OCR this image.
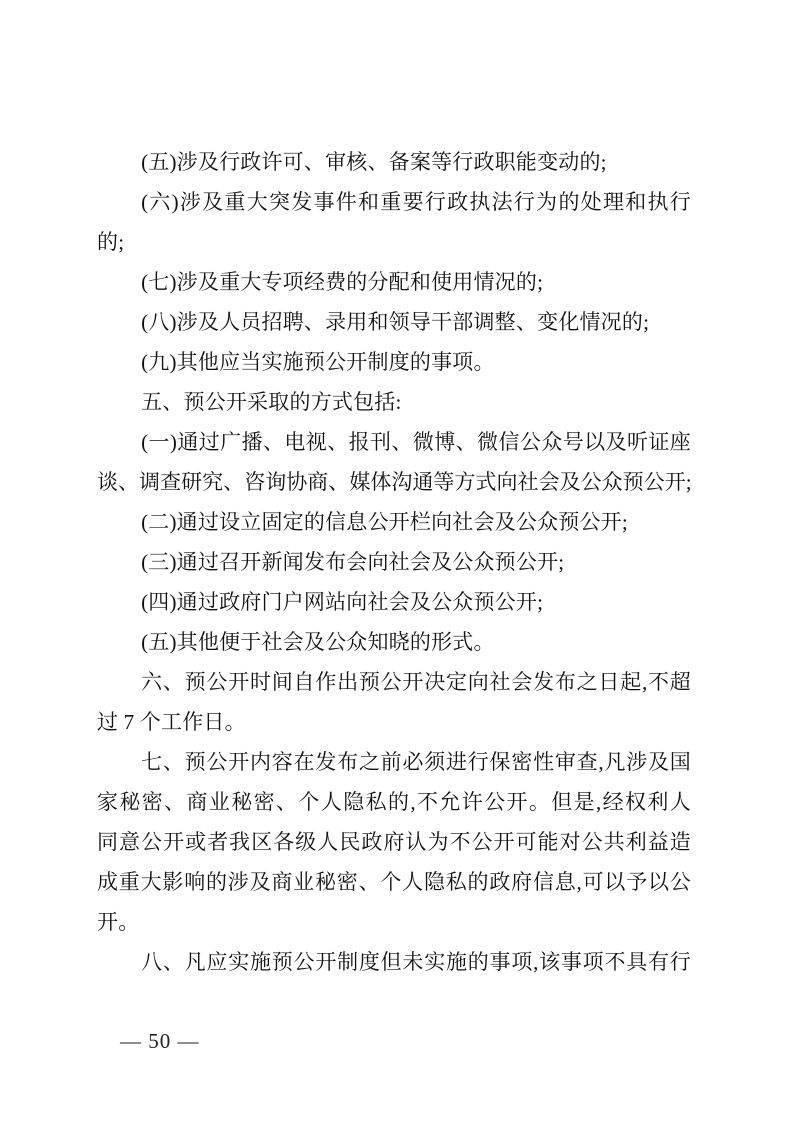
(五)涉及行政许可、审核、备案等行政职能变动的;
(六)涉及重大突发事件和重要行政执法行为的处理和执行
的;
(七)涉及重大专项经费的分配和使用情况的;
(八)涉及人员招聘、录用和领导干部调整、变化情况的;
(九)其他应当实施预公开制度的事项。
五、预公开采取的方式包括:
(一)通过广播、电视、报刊、微博、微信公众号以及听证座
谈、调查研究、咨询协商、媒体沟通等方式向社会及公众预公开;
(二)通过设立固定的信息公开栏向社会及公众预公开;
(三)通过召开新闻发布会向社会及公众预公开;
(四)通过政府门户网站向社会及公众预公开;
(五)其他便于社会及公众知晓的形式。
六、预公开时间自作出预公开决定向社会发布之日起,不超
过 7 个工作日。
七、预公开内容在发布之前必须进行保密性审查,凡涉及国
家秘密、商业秘密、个人隐私的,不允许公开。但是,经权利人
同意公开或者我区各级人民政府认为不公开可能对公共利益造
成重大影响的涉及商业秘密、个人隐私的政府信息,可以予以公
开。
八、凡应实施预公开制度但未实施的事项,该事项不具有行
— 50 —
